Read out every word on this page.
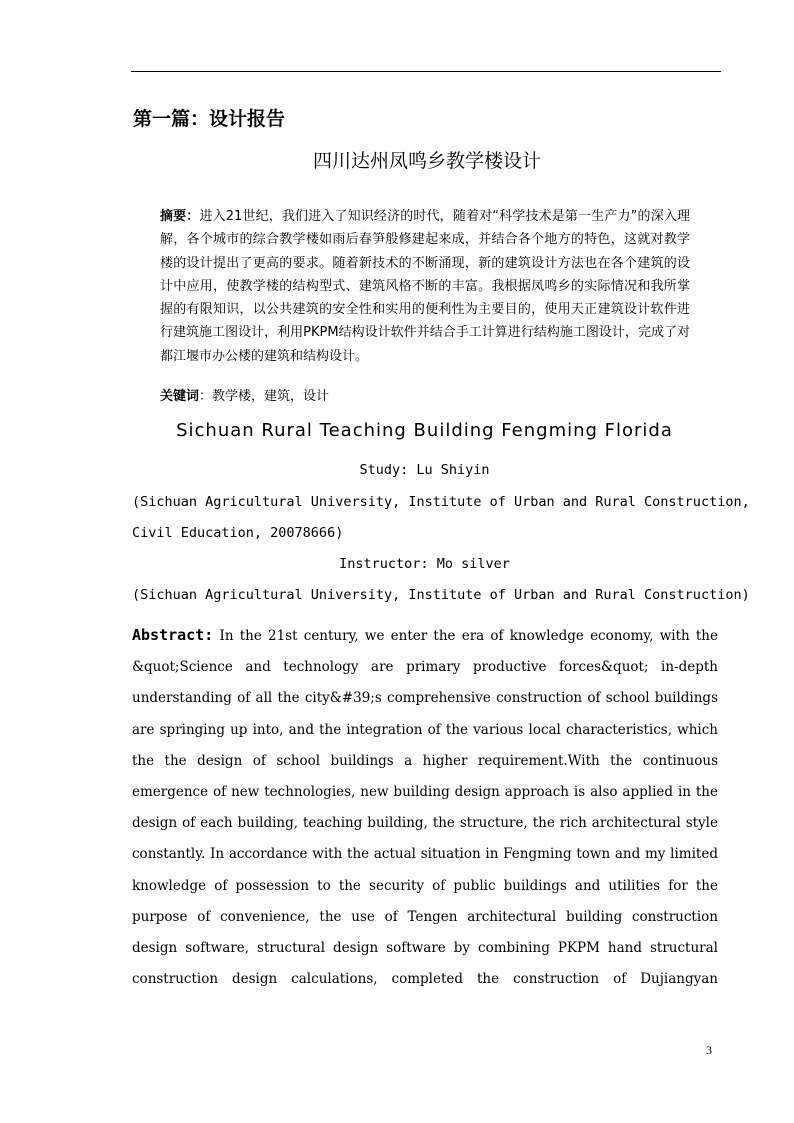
第一篇：设计报告
四川达州凤鸣乡教学楼设计
摘要：进入21世纪，我们进入了知识经济的时代，随着对“科学技术是第一生产力”的深入理解，各个城市的综合教学楼如雨后春笋般修建起来成，并结合各个地方的特色，这就对教学楼的设计提出了更高的要求。随着新技术的不断涌现，新的建筑设计方法也在各个建筑的设计中应用，使教学楼的结构型式、建筑风格不断的丰富。我根据凤鸣乡的实际情况和我所掌握的有限知识，以公共建筑的安全性和实用的便利性为主要目的，使用天正建筑设计软件进行建筑施工图设计，利用PKPM结构设计软件并结合手工计算进行结构施工图设计，完成了对都江堰市办公楼的建筑和结构设计。
关键词：教学楼，建筑，设计
Sichuan Rural Teaching Building Fengming Florida
Study: Lu Shiyin
(Sichuan Agricultural University, Institute of Urban and Rural Construction,
Civil Education, 20078666)
Instructor: Mo silver
(Sichuan Agricultural University, Institute of Urban and Rural Construction)
Abstract: In the 21st century, we enter the era of knowledge economy, with the &quot;Science and technology are primary productive forces&quot; in-depth understanding of all the city&#39;s comprehensive construction of school buildings are springing up into, and the integration of the various local characteristics, which the the design of school buildings a higher requirement.With the continuous emergence of new technologies, new building design approach is also applied in the design of each building, teaching building, the structure, the rich architectural style constantly. In accordance with the actual situation in Fengming town and my limited knowledge of possession to the security of public buildings and utilities for the purpose of convenience, the use of Tengen architectural building construction design software, structural design software by combining PKPM hand structural construction design calculations, completed the construction of Dujiangyan
3
